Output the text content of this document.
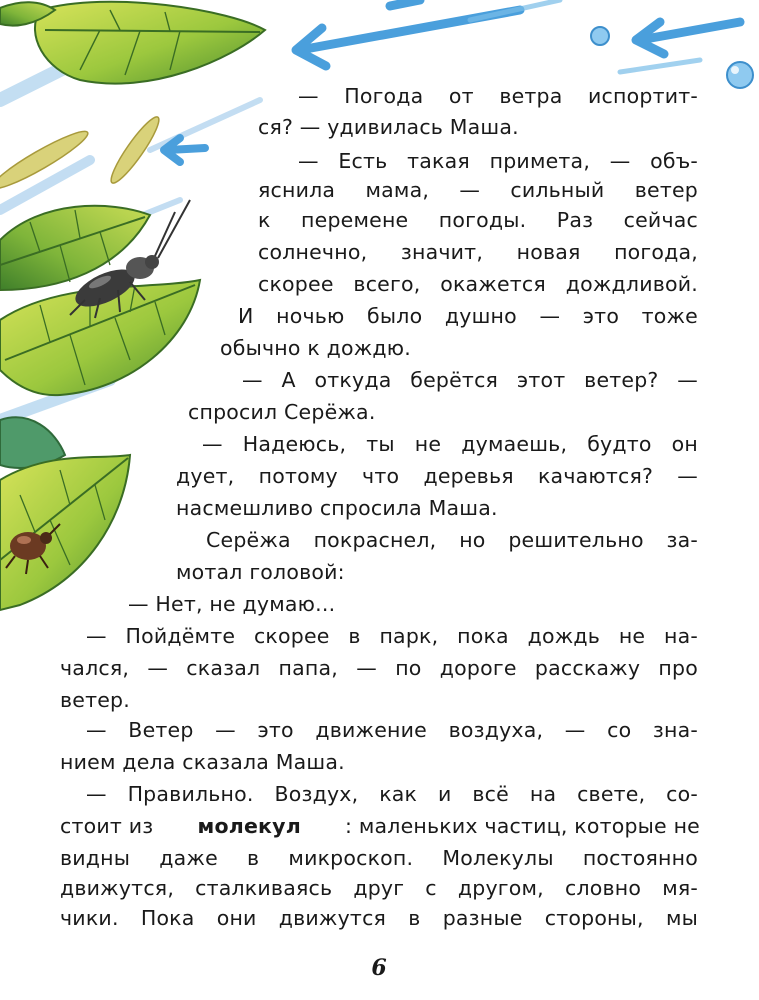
— Погода от ветра испортит-
ся? — удивилась Маша.
— Есть такая примета, — объ-
яснила мама, — сильный ветер
к перемене погоды. Раз сейчас
солнечно, значит, новая погода,
скорее всего, окажется дождливой.
И ночью было душно — это тоже
обычно к дождю.
— А откуда берётся этот ветер? —
спросил Серёжа.
— Надеюсь, ты не думаешь, будто он
дует, потому что деревья качаются? —
насмешливо спросила Маша.
Серёжа покраснел, но решительно за-
мотал головой:
— Нет, не думаю...
— Пойдёмте скорее в парк, пока дождь не на-
чался, — сказал папа, — по дороге расскажу про
ветер.
— Ветер — это движение воздуха, — со зна-
нием дела сказала Маша.
— Правильно. Воздух, как и всё на свете, со-
стоит из молекул : маленьких частиц, которые не
видны даже в микроскоп. Молекулы постоянно
движутся, сталкиваясь друг с другом, словно мя-
чики. Пока они движутся в разные стороны, мы
6
